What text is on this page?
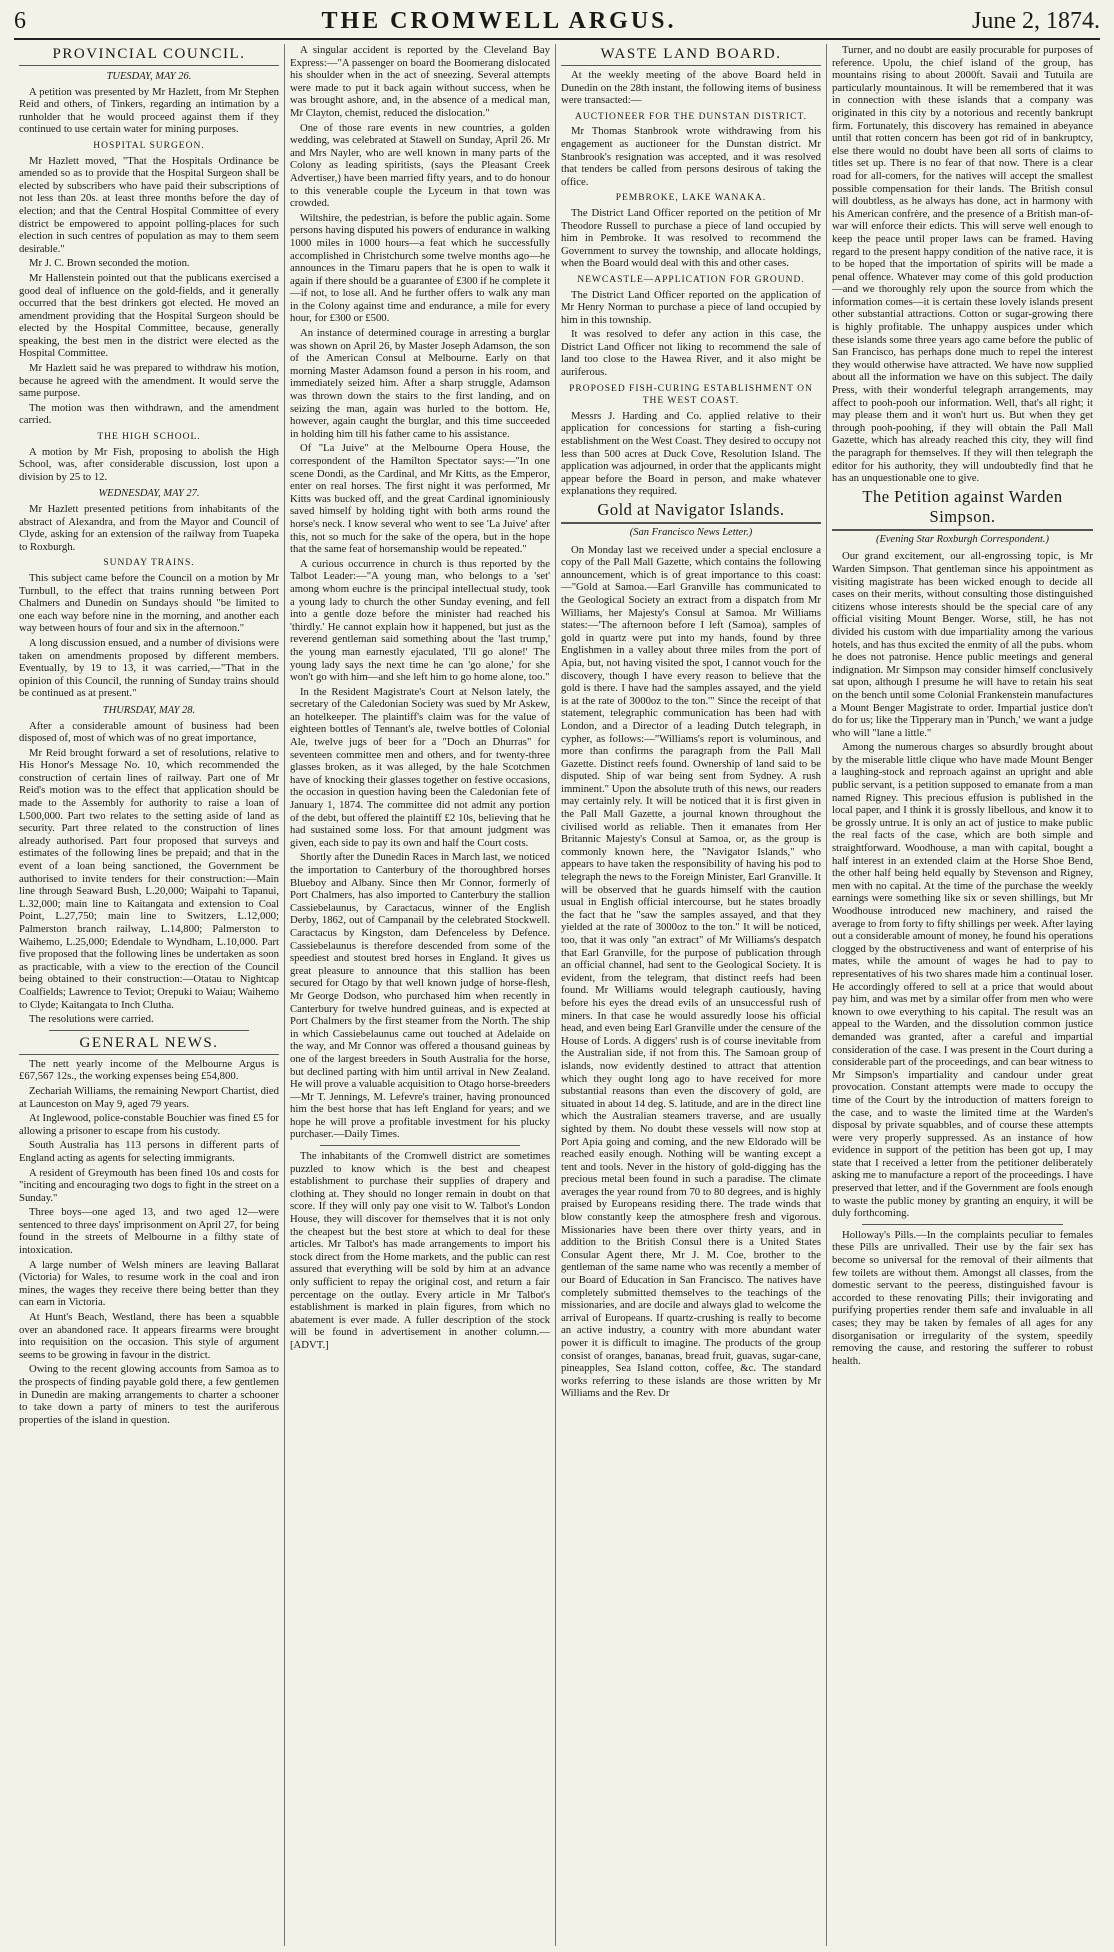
6	THE CROMWELL ARGUS.	June 2, 1874.
PROVINCIAL COUNCIL.

TUESDAY, MAY 26.

A petition was presented by Mr Hazlett, from Mr Stephen Reid and others, of Tinkers, regarding an intimation by a runholder that he would proceed against them if they continued to use certain water for mining purposes.

HOSPITAL SURGEON.

Mr Hazlett moved, "That the Hospitals Ordinance be amended so as to provide that the Hospital Surgeon shall be elected by subscribers who have paid their subscriptions of not less than 20s. at least three months before the day of election; and that the Central Hospital Committee of every district be empowered to appoint polling-places for such election in such centres of population as may to them seem desirable."

Mr J. C. Brown seconded the motion.

Mr Hallenstein pointed out that the publicans exercised a good deal of influence on the gold-fields, and it generally occurred that the best drinkers got elected. He moved an amendment providing that the Hospital Surgeon should be elected by the Hospital Committee, because, generally speaking, the best men in the district were elected as the Hospital Committee.

Mr Hazlett said he was prepared to withdraw his motion, because he agreed with the amendment. It would serve the same purpose.

The motion was then withdrawn, and the amendment carried.

THE HIGH SCHOOL.

A motion by Mr Fish, proposing to abolish the High School, was, after considerable discussion, lost upon a division by 25 to 12.

WEDNESDAY, MAY 27.

Mr Hazlett presented petitions from inhabitants of the abstract of Alexandra, and from the Mayor and Council of Clyde, asking for an extension of the railway from Tuapeka to Roxburgh.

SUNDAY TRAINS.

This subject came before the Council on a motion by Mr Turnbull, to the effect that trains running between Port Chalmers and Dunedin on Sundays should "be limited to one each way before nine in the morning, and another each way between hours of four and six in the afternoon."

A long discussion ensued, and a number of divisions were taken on amendments proposed by different members. Eventually, by 19 to 13, it was carried,—"That in the opinion of this Council, the running of Sunday trains should be continued as at present."

THURSDAY, MAY 28.

After a considerable amount of business had been disposed of, most of which was of no great importance,

Mr Reid brought forward a set of resolutions, relative to His Honor's Message No. 10, which recommended the construction of certain lines of railway. Part one of Mr Reid's motion was to the effect that application should be made to the Assembly for authority to raise a loan of L500,000. Part two relates to the setting aside of land as security. Part three related to the construction of lines already authorised. Part four proposed that surveys and estimates of the following lines be prepaid; and that in the event of a loan being sanctioned, the Government be authorised to invite tenders for their construction:—Main line through Seaward Bush, L.20,000; Waipahi to Tapanui, L.32,000; main line to Kaitangata and extension to Coal Point, L.27,750; main line to Switzers, L.12,000; Palmerston branch railway, L.14,800; Palmerston to Waihemo, L.25,000; Edendale to Wyndham, L.10,000. Part five proposed that the following lines be undertaken as soon as practicable, with a view to the erection of the Council being obtained to their construction:—Otatau to Nightcap Coalfields; Lawrence to Teviot; Orepuki to Waiau; Waihemo to Clyde; Kaitangata to Inch Clutha.

The resolutions were carried.

GENERAL NEWS.

The nett yearly income of the Melbourne Argus is £67,567 12s., the working expenses being £54,800.

Zechariah Williams, the remaining Newport Chartist, died at Launceston on May 9, aged 79 years.

At Inglewood, police-constable Bouchier was fined £5 for allowing a prisoner to escape from his custody.

South Australia has 113 persons in different parts of England acting as agents for selecting immigrants.

A resident of Greymouth has been fined 10s and costs for "inciting and encouraging two dogs to fight in the street on a Sunday."

Three boys—one aged 13, and two aged 12—were sentenced to three days' imprisonment on April 27, for being found in the streets of Melbourne in a filthy state of intoxication.

A large number of Welsh miners are leaving Ballarat (Victoria) for Wales, to resume work in the coal and iron mines, the wages they receive there being better than they can earn in Victoria.

At Hunt's Beach, Westland, there has been a squabble over an abandoned race. It appears firearms were brought into requisition on the occasion. This style of argument seems to be growing in favour in the district.

Owing to the recent glowing accounts from Samoa as to the prospects of finding payable gold there, a few gentlemen in Dunedin are making arrangements to charter a schooner to take down a party of miners to test the auriferous properties of the island in question.

A singular accident is reported by the Cleveland Bay Express:—"A passenger on board the Boomerang dislocated his shoulder when in the act of sneezing. Several attempts were made to put it back again without success, when he was brought ashore, and, in the absence of a medical man, Mr Clayton, chemist, reduced the dislocation."

One of those rare events in new countries, a golden wedding, was celebrated at Stawell on Sunday, April 26. Mr and Mrs Nayler, who are well known in many parts of the Colony as leading spiritists, (says the Pleasant Creek Advertiser,) have been married fifty years, and to do honour to this venerable couple the Lyceum in that town was crowded.

Wiltshire, the pedestrian, is before the public again. Some persons having disputed his powers of endurance in walking 1000 miles in 1000 hours—a feat which he successfully accomplished in Christchurch some twelve months ago—he announces in the Timaru papers that he is open to walk it again if there should be a guarantee of £300 if he complete it—if not, to lose all. And he further offers to walk any man in the Colony against time and endurance, a mile for every hour, for £300 or £500.

An instance of determined courage in arresting a burglar was shown on April 26, by Master Joseph Adamson, the son of the American Consul at Melbourne. Early on that morning Master Adamson found a person in his room, and immediately seized him. After a sharp struggle, Adamson was thrown down the stairs to the first landing, and on seizing the man, again was hurled to the bottom. He, however, again caught the burglar, and this time succeeded in holding him till his father came to his assistance.

Of "La Juive" at the Melbourne Opera House, the correspondent of the Hamilton Spectator says:—"In one scene Dondi, as the Cardinal, and Mr Kitts, as the Emperor, enter on real horses. The first night it was performed, Mr Kitts was bucked off, and the great Cardinal ignominiously saved himself by holding tight with both arms round the horse's neck. I know several who went to see 'La Juive' after this, not so much for the sake of the opera, but in the hope that the same feat of horsemanship would be repeated."

A curious occurrence in church is thus reported by the Talbot Leader:—"A young man, who belongs to a 'set' among whom euchre is the principal intellectual study, took a young lady to church the other Sunday evening, and fell into a gentle doze before the minister had reached his 'thirdly.' He cannot explain how it happened, but just as the reverend gentleman said something about the 'last trump,' the young man earnestly ejaculated, 'I'll go alone!' The young lady says the next time he can 'go alone,' for she won't go with him—and she left him to go home alone, too."

In the Resident Magistrate's Court at Nelson lately, the secretary of the Caledonian Society was sued by Mr Askew, an hotelkeeper. The plaintiff's claim was for the value of eighteen bottles of Tennant's ale, twelve bottles of Colonial Ale, twelve jugs of beer for a "Doch an Dhurras" for seventeen committee men and others, and for twenty-three glasses broken, as it was alleged, by the hale Scotchmen have of knocking their glasses together on festive occasions, the occasion in question having been the Caledonian fete of January 1, 1874. The committee did not admit any portion of the debt, but offered the plaintiff £2 10s, believing that he had sustained some loss. For that amount judgment was given, each side to pay its own and half the Court costs.

Shortly after the Dunedin Races in March last, we noticed the importation to Canterbury of the thoroughbred horses Blueboy and Albany. Since then Mr Connor, formerly of Port Chalmers, has also imported to Canterbury the stallion Cassiebelaunus, by Caractacus, winner of the English Derby, 1862, out of Campanail by the celebrated Stockwell. Caractacus by Kingston, dam Defenceless by Defence. Cassiebelaunus is therefore descended from some of the speediest and stoutest bred horses in England. It gives us great pleasure to announce that this stallion has been secured for Otago by that well known judge of horse-flesh, Mr George Dodson, who purchased him when recently in Canterbury for twelve hundred guineas, and is expected at Port Chalmers by the first steamer from the North. The ship in which Cassiebelaunus came out touched at Adelaide on the way, and Mr Connor was offered a thousand guineas by one of the largest breeders in South Australia for the horse, but declined parting with him until arrival in New Zealand. He will prove a valuable acquisition to Otago horse-breeders—Mr T. Jennings, M. Lefevre's trainer, having pronounced him the best horse that has left England for years; and we hope he will prove a profitable investment for his plucky purchaser.—Daily Times.

The inhabitants of the Cromwell district are sometimes puzzled to know which is the best and cheapest establishment to purchase their supplies of drapery and clothing at. They should no longer remain in doubt on that score. If they will only pay one visit to W. Talbot's London House, they will discover for themselves that it is not only the cheapest but the best store at which to deal for these articles. Mr Talbot's has made arrangements to import his stock direct from the Home markets, and the public can rest assured that everything will be sold by him at an advance only sufficient to repay the original cost, and return a fair percentage on the outlay. Every article in Mr Talbot's establishment is marked in plain figures, from which no abatement is ever made. A fuller description of the stock will be found in advertisement in another column.—[ADVT.]

WASTE LAND BOARD.

At the weekly meeting of the above Board held in Dunedin on the 28th instant, the following items of business were transacted:—

AUCTIONEER FOR THE DUNSTAN DISTRICT.

Mr Thomas Stanbrook wrote withdrawing from his engagement as auctioneer for the Dunstan district. Mr Stanbrook's resignation was accepted, and it was resolved that tenders be called from persons desirous of taking the office.

PEMBROKE, LAKE WANAKA.

The District Land Officer reported on the petition of Mr Theodore Russell to purchase a piece of land occupied by him in Pembroke. It was resolved to recommend the Government to survey the township, and allocate holdings, when the Board would deal with this and other cases.

NEWCASTLE—APPLICATION FOR GROUND.

The District Land Officer reported on the application of Mr Henry Norman to purchase a piece of land occupied by him in this township.

It was resolved to defer any action in this case, the District Land Officer not liking to recommend the sale of land too close to the Hawea River, and it also might be auriferous.

PROPOSED FISH-CURING ESTABLISHMENT ON THE WEST COAST.

Messrs J. Harding and Co. applied relative to their application for concessions for starting a fish-curing establishment on the West Coast. They desired to occupy not less than 500 acres at Duck Cove, Resolution Island. The application was adjourned, in order that the applicants might appear before the Board in person, and make whatever explanations they required.

Gold at Navigator Islands.

(San Francisco News Letter.)

On Monday last we received under a special enclosure a copy of the Pall Mall Gazette, which contains the following announcement, which is of great importance to this coast:—"Gold at Samoa.—Earl Granville has communicated to the Geological Society an extract from a dispatch from Mr Williams, her Majesty's Consul at Samoa. Mr Williams states:—'The afternoon before I left (Samoa), samples of gold in quartz were put into my hands, found by three Englishmen in a valley about three miles from the port of Apia, but, not having visited the spot, I cannot vouch for the discovery, though I have every reason to believe that the gold is there. I have had the samples assayed, and the yield is at the rate of 3000oz to the ton.'" Since the receipt of that statement, telegraphic communication has been had with London, and a Director of a leading Dutch telegraph, in cypher, as follows:—"Williams's report is voluminous, and more than confirms the paragraph from the Pall Mall Gazette. Distinct reefs found. Ownership of land said to be disputed. Ship of war being sent from Sydney. A rush imminent." Upon the absolute truth of this news, our readers may certainly rely. It will be noticed that it is first given in the Pall Mall Gazette, a journal known throughout the civilised world as reliable. Then it emanates from Her Britannic Majesty's Consul at Samoa, or, as the group is commonly known here, the "Navigator Islands," who appears to have taken the responsibility of having his pod to telegraph the news to the Foreign Minister, Earl Granville. It will be observed that he guards himself with the caution usual in English official intercourse, but he states broadly the fact that he "saw the samples assayed, and that they yielded at the rate of 3000oz to the ton." It will be noticed, too, that it was only "an extract" of Mr Williams's despatch that Earl Granville, for the purpose of publication through an official channel, had sent to the Geological Society. It is evident, from the telegram, that distinct reefs had been found. Mr Williams would telegraph cautiously, having before his eyes the dread evils of an unsuccessful rush of miners. In that case he would assuredly loose his official head, and even being Earl Granville under the censure of the House of Lords. A diggers' rush is of course inevitable from the Australian side, if not from this. The Samoan group of islands, now evidently destined to attract that attention which they ought long ago to have received for more substantial reasons than even the discovery of gold, are situated in about 14 deg. S. latitude, and are in the direct line which the Australian steamers traverse, and are usually sighted by them. No doubt these vessels will now stop at Port Apia going and coming, and the new Eldorado will be reached easily enough. Nothing will be wanting except a tent and tools. Never in the history of gold-digging has the precious metal been found in such a paradise. The climate averages the year round from 70 to 80 degrees, and is highly praised by Europeans residing there. The trade winds that blow constantly keep the atmosphere fresh and vigorous. Missionaries have been there over thirty years, and in addition to the British Consul there is a United States Consular Agent there, Mr J. M. Coe, brother to the gentleman of the same name who was recently a member of our Board of Education in San Francisco. The natives have completely submitted themselves to the teachings of the missionaries, and are docile and always glad to welcome the arrival of Europeans. If quartz-crushing is really to become an active industry, a country with more abundant water power it is difficult to imagine. The products of the group consist of oranges, bananas, bread fruit, guavas, sugar-cane, pineapples, Sea Island cotton, coffee, &c. The standard works referring to these islands are those written by Mr Williams and the Rev. Dr

Turner, and no doubt are easily procurable for purposes of reference. Upolu, the chief island of the group, has mountains rising to about 2000ft. Savaii and Tutuila are particularly mountainous. It will be remembered that it was in connection with these islands that a company was originated in this city by a notorious and recently bankrupt firm. Fortunately, this discovery has remained in abeyance until that rotten concern has been got rid of in bankruptcy, else there would no doubt have been all sorts of claims to titles set up. There is no fear of that now. There is a clear road for all-comers, for the natives will accept the smallest possible compensation for their lands. The British consul will doubtless, as he always has done, act in harmony with his American confrère, and the presence of a British man-of-war will enforce their edicts. This will serve well enough to keep the peace until proper laws can be framed. Having regard to the present happy condition of the native race, it is to be hoped that the importation of spirits will be made a penal offence. Whatever may come of this gold production—and we thoroughly rely upon the source from which the information comes—it is certain these lovely islands present other substantial attractions. Cotton or sugar-growing there is highly profitable. The unhappy auspices under which these islands some three years ago came before the public of San Francisco, has perhaps done much to repel the interest they would otherwise have attracted. We have now supplied about all the information we have on this subject. The daily Press, with their wonderful telegraph arrangements, may affect to pooh-pooh our information. Well, that's all right; it may please them and it won't hurt us. But when they get through pooh-poohing, if they will obtain the Pall Mall Gazette, which has already reached this city, they will find the paragraph for themselves. If they will then telegraph the editor for his authority, they will undoubtedly find that he has an unquestionable one to give.

The Petition against Warden Simpson.

(Evening Star Roxburgh Correspondent.)

Our grand excitement, our all-engrossing topic, is Mr Warden Simpson. That gentleman since his appointment as visiting magistrate has been wicked enough to decide all cases on their merits, without consulting those distinguished citizens whose interests should be the special care of any official visiting Mount Benger. Worse, still, he has not divided his custom with due impartiality among the various hotels, and has thus excited the enmity of all the pubs. whom he does not patronise. Hence public meetings and general indignation. Mr Simpson may consider himself conclusively sat upon, although I presume he will have to retain his seat on the bench until some Colonial Frankenstein manufactures a Mount Benger Magistrate to order. Impartial justice don't do for us; like the Tipperary man in 'Punch,' we want a judge who will "lane a little."

Among the numerous charges so absurdly brought about by the miserable little clique who have made Mount Benger a laughing-stock and reproach against an upright and able public servant, is a petition supposed to emanate from a man named Rigney. This precious effusion is published in the local paper, and I think it is grossly libellous, and know it to be grossly untrue. It is only an act of justice to make public the real facts of the case, which are both simple and straightforward. Woodhouse, a man with capital, bought a half interest in an extended claim at the Horse Shoe Bend, the other half being held equally by Stevenson and Rigney, men with no capital. At the time of the purchase the weekly earnings were something like six or seven shillings, but Mr Woodhouse introduced new machinery, and raised the average to from forty to fifty shillings per week. After laying out a considerable amount of money, he found his operations clogged by the obstructiveness and want of enterprise of his mates, while the amount of wages he had to pay to representatives of his two shares made him a continual loser. He accordingly offered to sell at a price that would about pay him, and was met by a similar offer from men who were known to owe everything to his capital. The result was an appeal to the Warden, and the dissolution common justice demanded was granted, after a careful and impartial consideration of the case. I was present in the Court during a considerable part of the proceedings, and can bear witness to Mr Simpson's impartiality and candour under great provocation. Constant attempts were made to occupy the time of the Court by the introduction of matters foreign to the case, and to waste the limited time at the Warden's disposal by private squabbles, and of course these attempts were very properly suppressed. As an instance of how evidence in support of the petition has been got up, I may state that I received a letter from the petitioner deliberately asking me to manufacture a report of the proceedings. I have preserved that letter, and if the Government are fools enough to waste the public money by granting an enquiry, it will be duly forthcoming.

Holloway's Pills.—In the complaints peculiar to females these Pills are unrivalled. Their use by the fair sex has become so universal for the removal of their ailments that few toilets are without them. Amongst all classes, from the domestic servant to the peeress, distinguished favour is accorded to these renovating Pills; their invigorating and purifying properties render them safe and invaluable in all cases; they may be taken by females of all ages for any disorganisation or irregularity of the system, speedily removing the cause, and restoring the sufferer to robust health.
